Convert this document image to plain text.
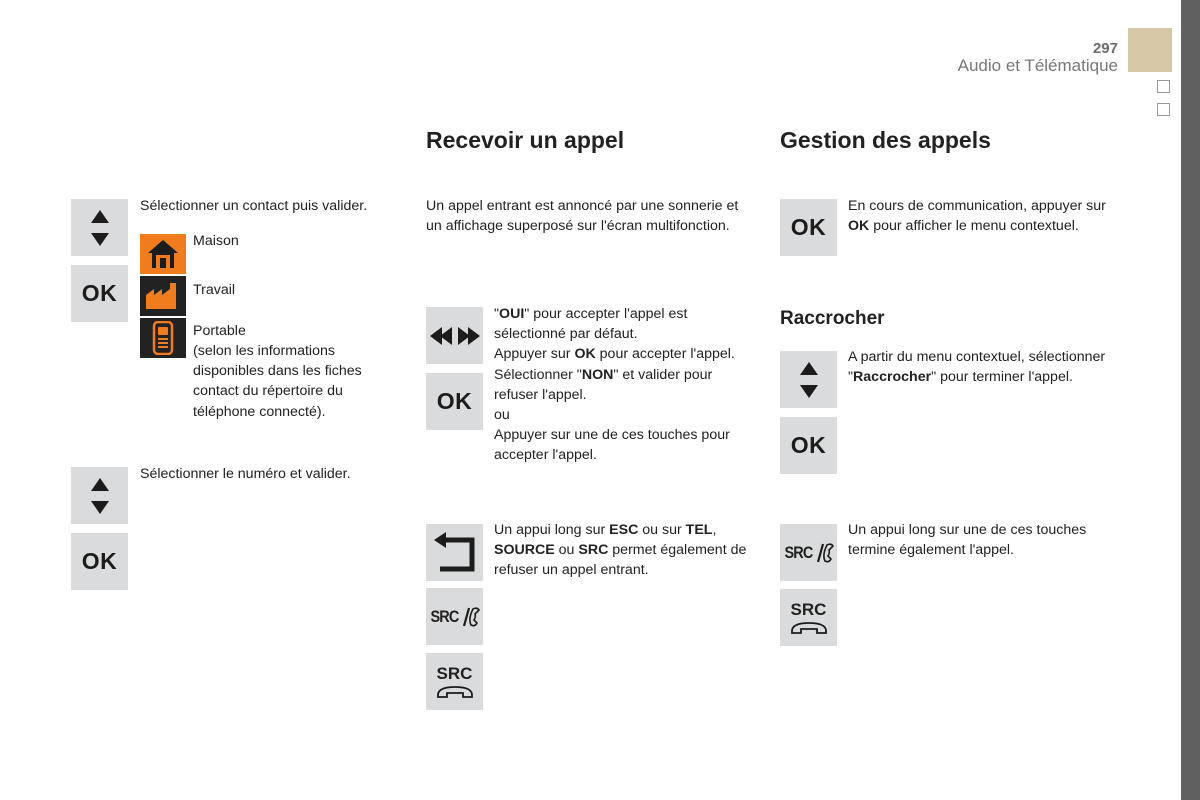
297
Audio et Télématique
OK
Sélectionner un contact puis valider.
Maison
Travail
Portable
(selon les informations disponibles dans les fiches contact du répertoire du téléphone connecté).
OK
Sélectionner le numéro et valider.
Recevoir un appel
Un appel entrant est annoncé par une sonnerie et un affichage superposé sur l'écran multifonction.
OK
"OUI" pour accepter l'appel est sélectionné par défaut.
Appuyer sur OK pour accepter l'appel.
Sélectionner "NON" et valider pour refuser l'appel.
ou
Appuyer sur une de ces touches pour accepter l'appel.
SRC
SRC
Un appui long sur ESC ou sur TEL,
SOURCE ou SRC permet également de refuser un appel entrant.
Gestion des appels
OK
En cours de communication, appuyer sur OK pour afficher le menu contextuel.
Raccrocher
OK
A partir du menu contextuel, sélectionner "Raccrocher" pour terminer l'appel.
SRC
SRC
Un appui long sur une de ces touches termine également l'appel.
